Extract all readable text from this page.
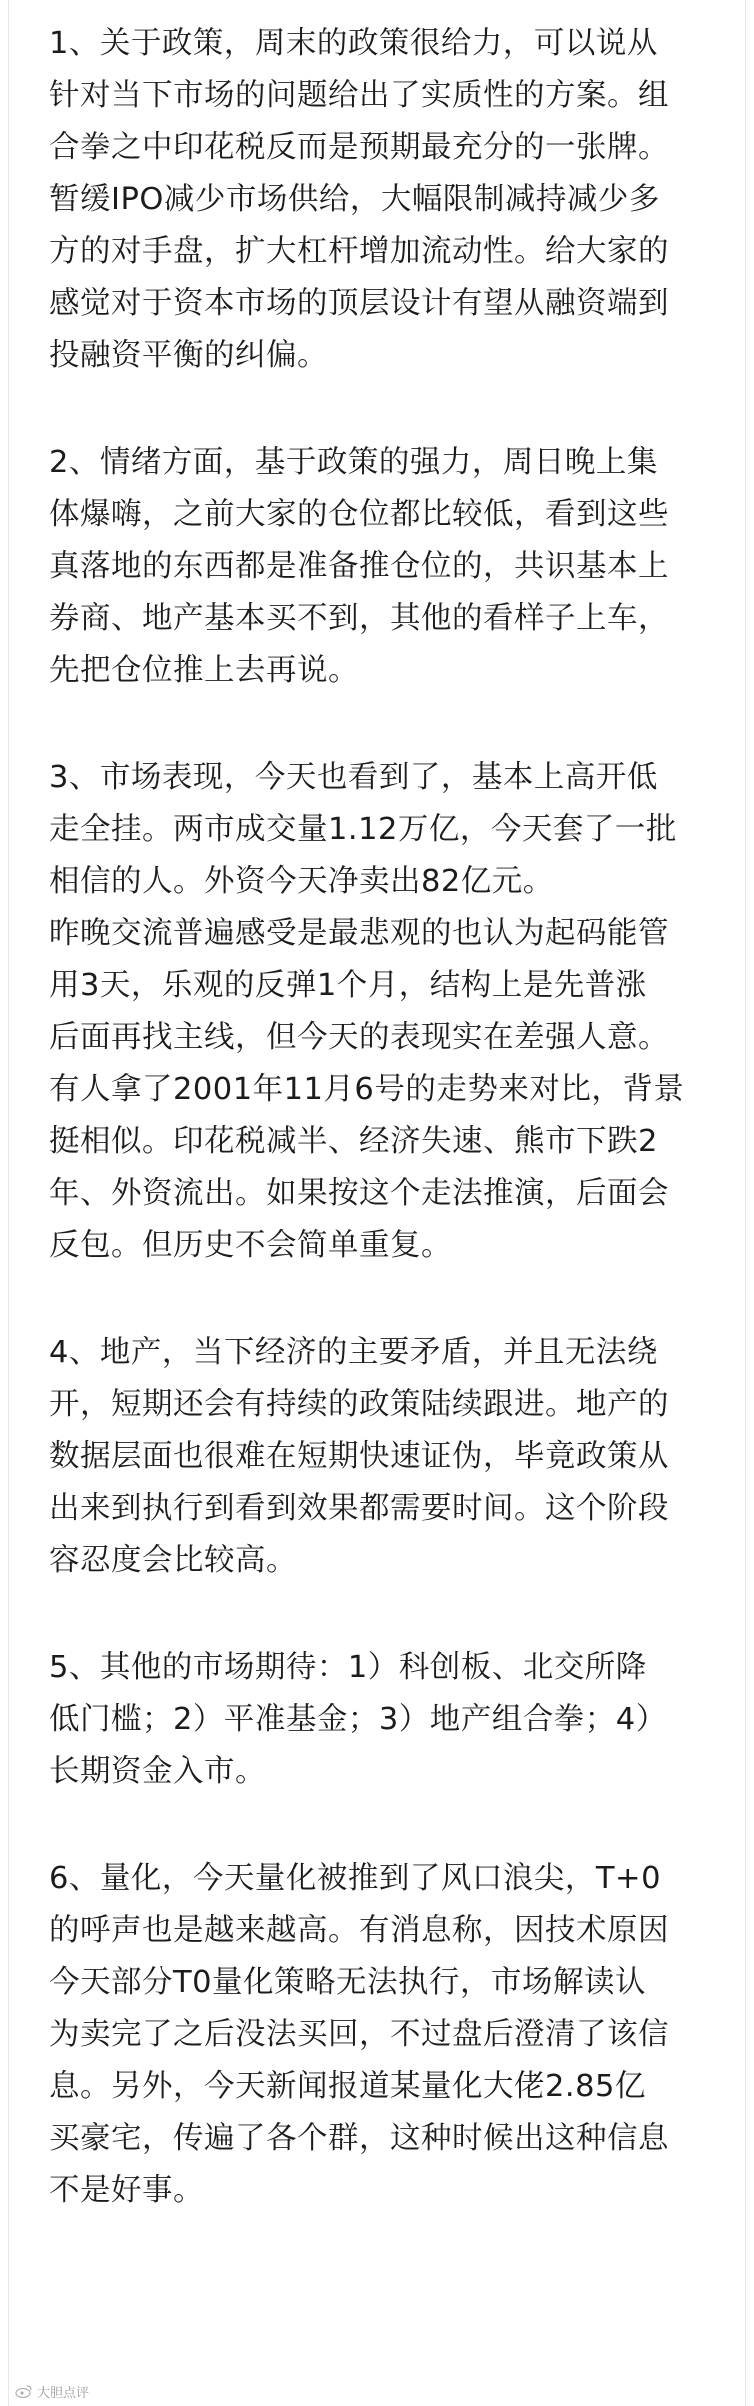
1、关于政策，周末的政策很给力，可以说从
针对当下市场的问题给出了实质性的方案。组
合拳之中印花税反而是预期最充分的一张牌。
暂缓IPO减少市场供给，大幅限制减持减少多
方的对手盘，扩大杠杆增加流动性。给大家的
感觉对于资本市场的顶层设计有望从融资端到
投融资平衡的纠偏。
2、情绪方面，基于政策的强力，周日晚上集
体爆嗨，之前大家的仓位都比较低，看到这些
真落地的东西都是准备推仓位的，共识基本上
券商、地产基本买不到，其他的看样子上车，
先把仓位推上去再说。
3、市场表现，今天也看到了，基本上高开低
走全挂。两市成交量1.12万亿，今天套了一批
相信的人。外资今天净卖出82亿元。
昨晚交流普遍感受是最悲观的也认为起码能管
用3天，乐观的反弹1个月，结构上是先普涨
后面再找主线，但今天的表现实在差强人意。
有人拿了2001年11月6号的走势来对比，背景
挺相似。印花税减半、经济失速、熊市下跌2
年、外资流出。如果按这个走法推演，后面会
反包。但历史不会简单重复。
4、地产，当下经济的主要矛盾，并且无法绕
开，短期还会有持续的政策陆续跟进。地产的
数据层面也很难在短期快速证伪，毕竟政策从
出来到执行到看到效果都需要时间。这个阶段
容忍度会比较高。
5、其他的市场期待：1）科创板、北交所降
低门槛；2）平准基金；3）地产组合拳；4）
长期资金入市。
6、量化，今天量化被推到了风口浪尖，T+0
的呼声也是越来越高。有消息称，因技术原因
今天部分T0量化策略无法执行，市场解读认
为卖完了之后没法买回，不过盘后澄清了该信
息。另外，今天新闻报道某量化大佬2.85亿
买豪宅，传遍了各个群，这种时候出这种信息
不是好事。
大胆点评
